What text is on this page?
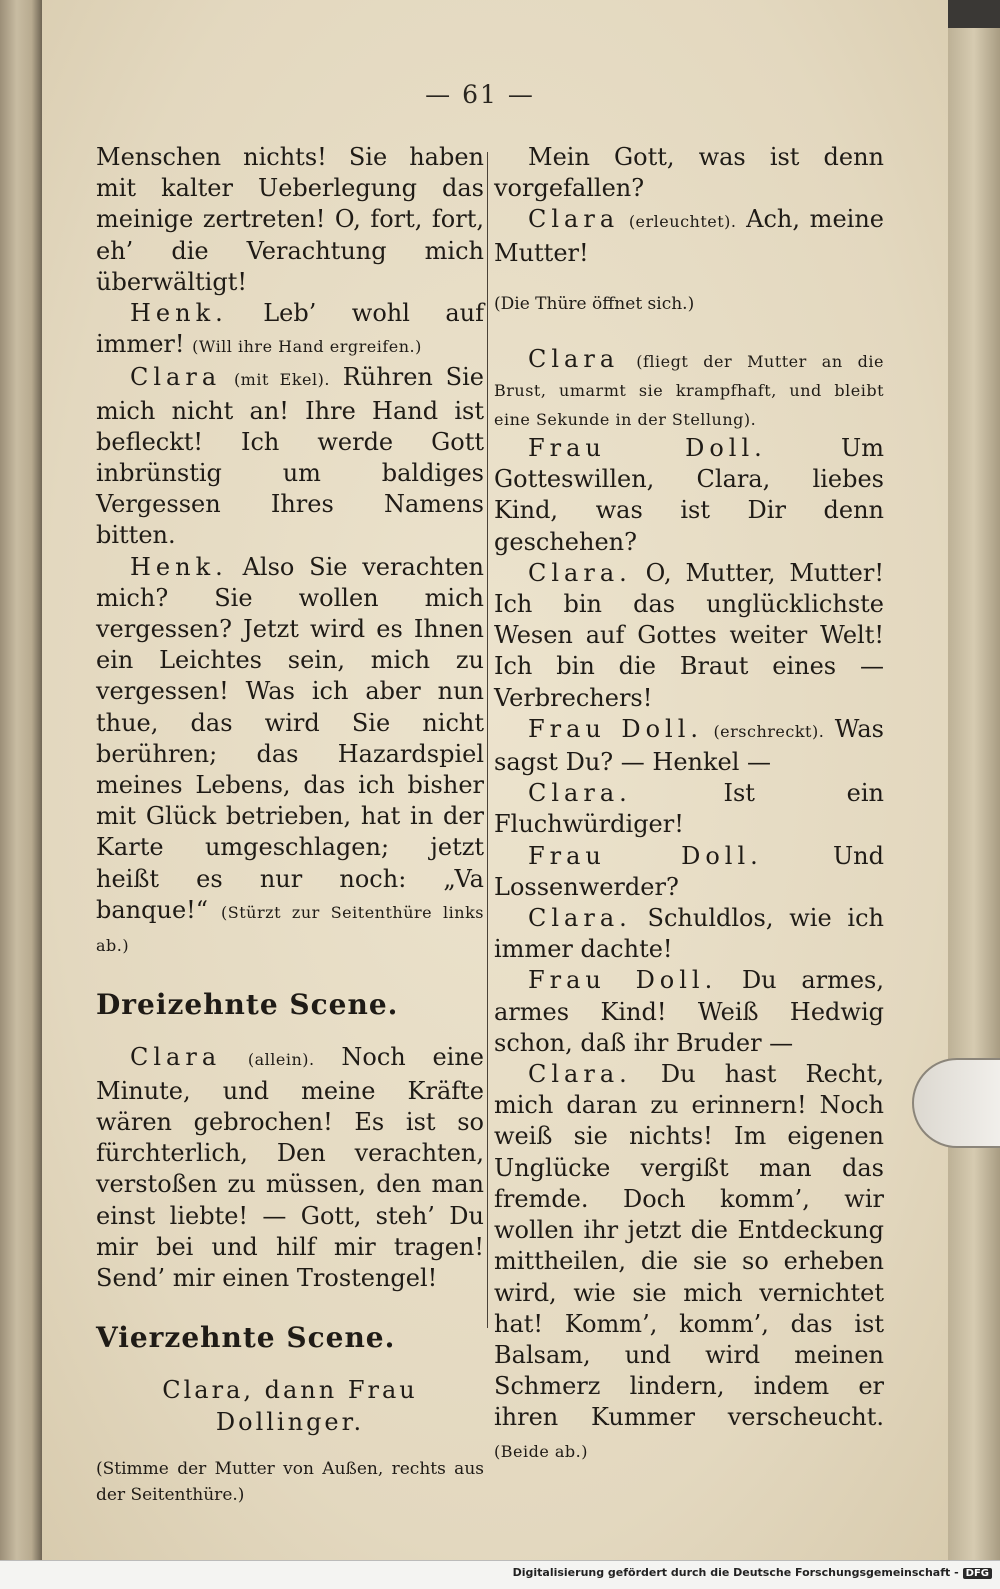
— 61 —

Menschen nichts! Sie haben mit kalter Ueberlegung das meinige zertreten! O, fort, fort, eh’ die Verachtung mich überwältigt!

Henk. Leb’ wohl auf immer! (Will ihre Hand ergreifen.)

Clara (mit Ekel). Rühren Sie mich nicht an! Ihre Hand ist befleckt! Ich werde Gott inbrünstig um baldiges Vergessen Ihres Namens bitten.

Henk. Also Sie verachten mich? Sie wollen mich vergessen? Jetzt wird es Ihnen ein Leichtes sein, mich zu vergessen! Was ich aber nun thue, das wird Sie nicht berühren; das Hazardspiel meines Lebens, das ich bisher mit Glück betrieben, hat in der Karte umgeschlagen; jetzt heißt es nur noch: „Va banque!“ (Stürzt zur Seitenthüre links ab.)

Dreizehnte Scene.

Clara (allein). Noch eine Minute, und meine Kräfte wären gebrochen! Es ist so fürchterlich, Den verachten, verstoßen zu müssen, den man einst liebte! — Gott, steh’ Du mir bei und hilf mir tragen! Send’ mir einen Trostengel!

Vierzehnte Scene.

Clara, dann Frau Dollinger.

(Stimme der Mutter von Außen, rechts aus der Seitenthüre.)

Mein Gott, was ist denn vorgefallen?

Clara (erleuchtet). Ach, meine Mutter!

(Die Thüre öffnet sich.)

Clara (fliegt der Mutter an die Brust, umarmt sie krampfhaft, und bleibt eine Sekunde in der Stellung).

Frau Doll.	Um Gotteswillen, Clara, liebes Kind, was ist Dir denn geschehen?

Clara. O, Mutter, Mutter! Ich bin das unglücklichste Wesen auf Gottes weiter Welt! Ich bin die Braut eines — Verbrechers!

Frau Doll. (erschreckt). Was sagst Du? — Henkel —

Clara.	Ist ein Fluchwürdiger!

Frau Doll.	Und Lossenwerder?

Clara. Schuldlos, wie ich immer dachte!

Frau Doll. Du armes, armes Kind! Weiß Hedwig schon, daß ihr Bruder —

Clara. Du hast Recht, mich daran zu erinnern! Noch weiß sie nichts! Im eigenen Unglücke vergißt man das fremde. Doch komm’, wir wollen ihr jetzt die Entdeckung mittheilen, die sie so erheben wird, wie sie mich vernichtet hat! Komm’, komm’, das ist Balsam, und wird meinen Schmerz lindern, indem er ihren Kummer verscheucht. (Beide ab.)

Digitalisierung gefördert durch die Deutsche Forschungsgemeinschaft - DFG
